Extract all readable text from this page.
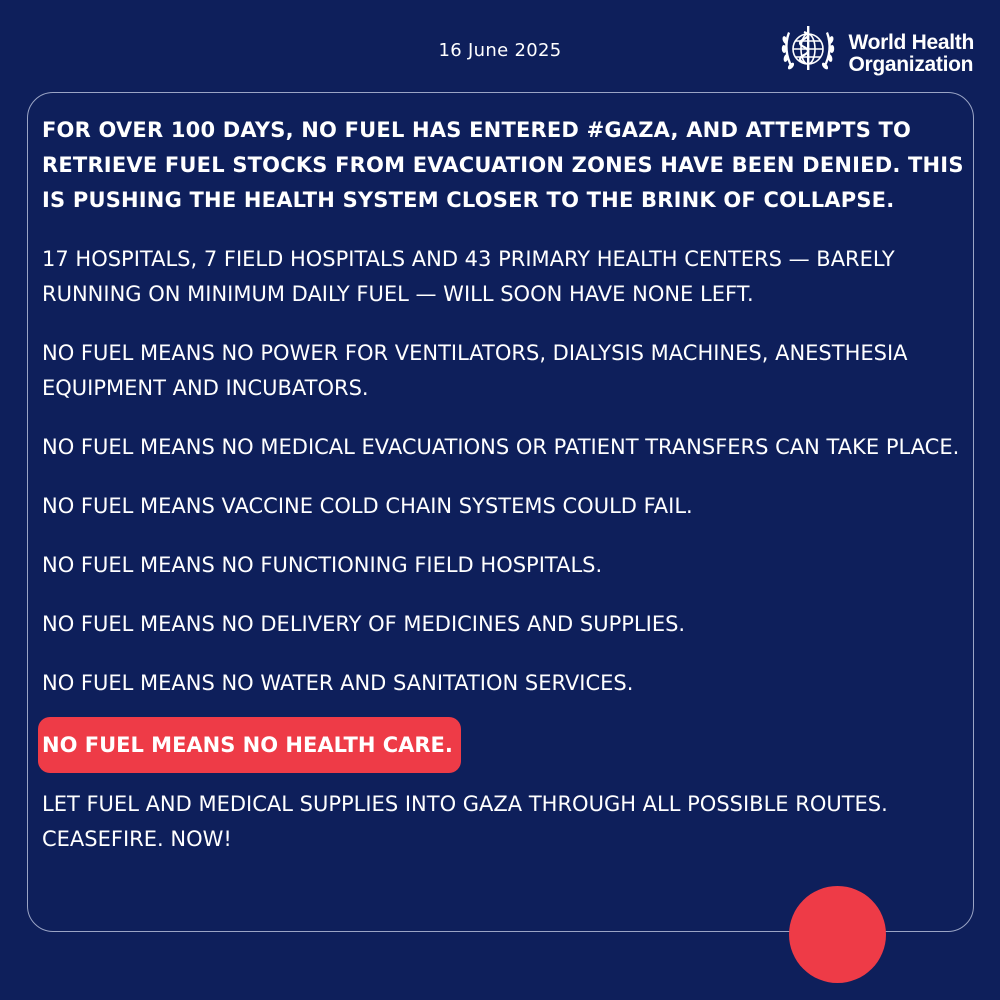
16 June 2025	World Health
Organization

FOR OVER 100 DAYS, NO FUEL HAS ENTERED #GAZA, AND ATTEMPTS TO RETRIEVE FUEL STOCKS FROM EVACUATION ZONES HAVE BEEN DENIED. THIS IS PUSHING THE HEALTH SYSTEM CLOSER TO THE BRINK OF COLLAPSE.

17 HOSPITALS, 7 FIELD HOSPITALS AND 43 PRIMARY HEALTH CENTERS — BARELY RUNNING ON MINIMUM DAILY FUEL — WILL SOON HAVE NONE LEFT.

NO FUEL MEANS NO POWER FOR VENTILATORS, DIALYSIS MACHINES, ANESTHESIA EQUIPMENT AND INCUBATORS.

NO FUEL MEANS NO MEDICAL EVACUATIONS OR PATIENT TRANSFERS CAN TAKE PLACE.

NO FUEL MEANS VACCINE COLD CHAIN SYSTEMS COULD FAIL.

NO FUEL MEANS NO FUNCTIONING FIELD HOSPITALS.

NO FUEL MEANS NO DELIVERY OF MEDICINES AND SUPPLIES.

NO FUEL MEANS NO WATER AND SANITATION SERVICES.

NO FUEL MEANS NO HEALTH CARE.

LET FUEL AND MEDICAL SUPPLIES INTO GAZA THROUGH ALL POSSIBLE ROUTES. CEASEFIRE. NOW!
